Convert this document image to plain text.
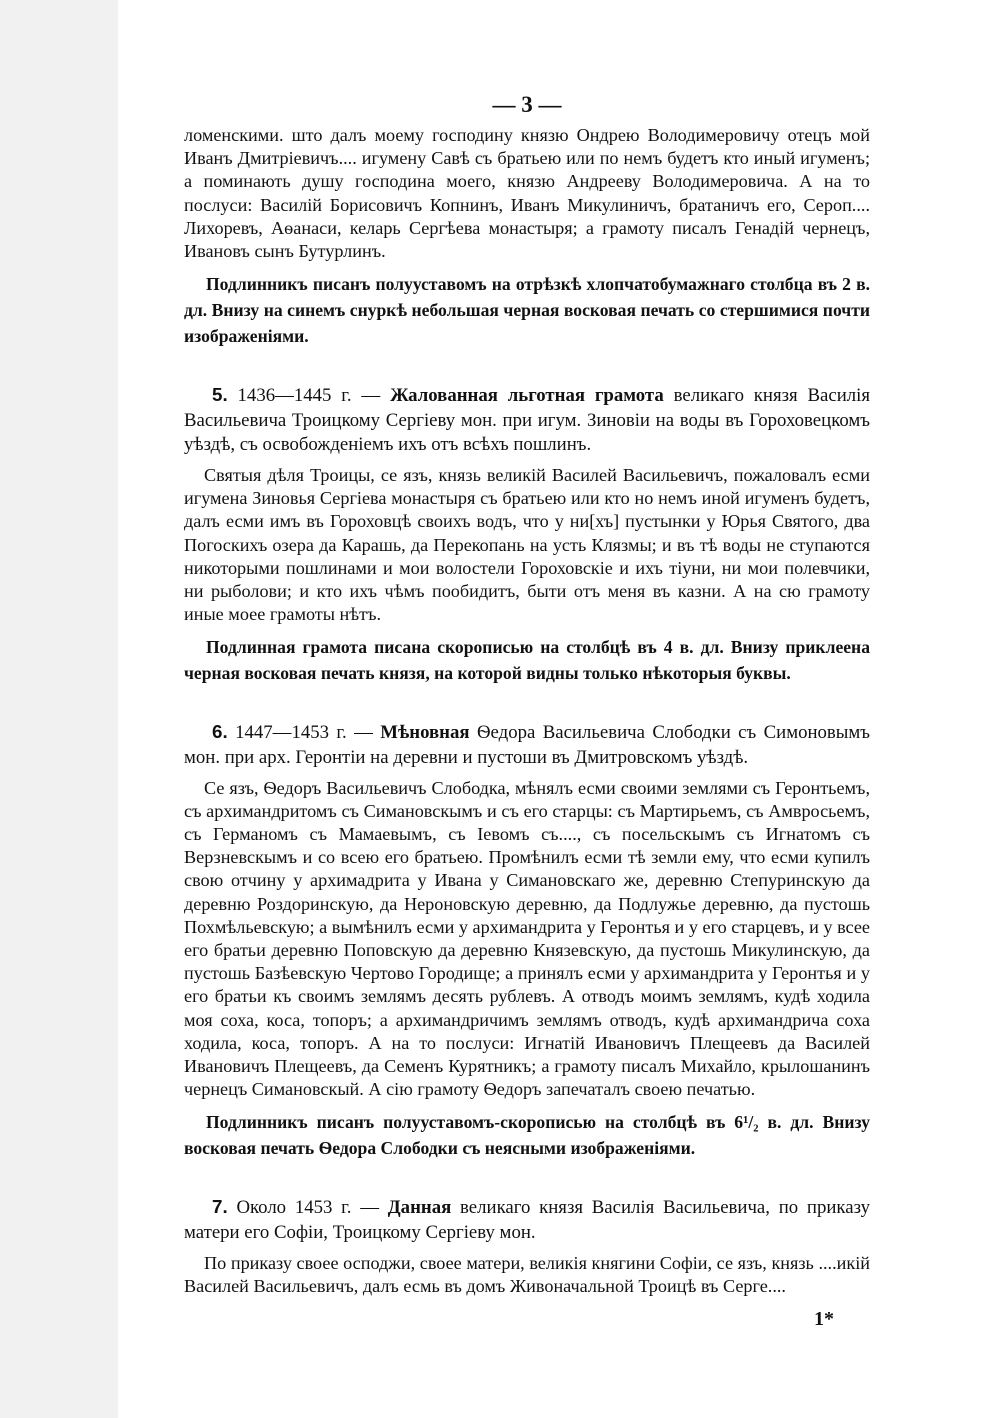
— 3 —

ломенскими. што далъ моему господину князю Ондрею Володимеровичу отецъ мой Иванъ Дмитріевичъ.... игумену Савѣ съ братьею или по немъ будетъ кто иный игуменъ; а поминають душу господина моего, князю Андрееву Володимеровича. А на то послуси: Василій Борисовичъ Копнинъ, Иванъ Микулиничъ, братаничъ его, Сероп.... Лихоревъ, Аѳанаси, келарь Сергѣева монастыря; а грамоту писалъ Генадій чернецъ, Ивановъ сынъ Бутурлинъ.

Подлинникъ писанъ полууставомъ на отрѣзкѣ хлопчатобумажнаго столбца въ 2 в. дл. Внизу на синемъ снуркѣ небольшая черная восковая печать со стершимися почти изображеніями.

5. 1436—1445 г. — Жалованная льготная грамота великаго князя Василія Васильевича Троицкому Сергіеву мон. при игум. Зиновіи на воды въ Гороховецкомъ уѣздѣ, съ освобожденіемъ ихъ отъ всѣхъ пошлинъ.

Святыя дѣля Троицы, се язъ, князь великій Василей Васильевичъ, пожаловалъ есми игумена Зиновья Сергіева монастыря съ братьею или кто но немъ иной игуменъ будетъ, далъ есми имъ въ Гороховцѣ своихъ водъ, что у ни[хъ] пустынки у Юрья Святого, два Погоскихъ озера да Карашь, да Перекопань на усть Клязмы; и въ тѣ воды не ступаются никоторыми пошлинами и мои волостели Гороховскіе и ихъ тіуни, ни мои полевчики, ни рыболови; и кто ихъ чѣмъ пообидитъ, быти отъ меня въ казни. А на сю грамоту иные моее грамоты нѣтъ.

Подлинная грамота писана скорописью на столбцѣ въ 4 в. дл. Внизу приклеена черная восковая печать князя, на которой видны только нѣкоторыя буквы.

6. 1447—1453 г. — Мѣновная Ѳедора Васильевича Слободки съ Симоновымъ мон. при арх. Геронтіи на деревни и пустоши въ Дмитровскомъ уѣздѣ.

Се язъ, Ѳедоръ Васильевичъ Слободка, мѣнялъ есми своими землями съ Геронтьемъ, съ архимандритомъ съ Симановскымъ и съ его старцы: съ Мартирьемъ, съ Амвросьемъ, съ Германомъ съ Мамаевымъ, съ Іевомъ съ...., съ посельскымъ съ Игнатомъ съ Верзневскымъ и со всею его братьею. Промѣнилъ есми тѣ земли ему, что есми купилъ свою отчину у архимадрита у Ивана у Симановскаго же, деревню Степуринскую да деревню Роздоринскую, да Нероновскую деревню, да Подлужье деревню, да пустошь Похмѣльевскую; а вымѣнилъ есми у архимандрита у Геронтья и у его старцевъ, и у всее его братьи деревню Поповскую да деревню Князевскую, да пустошь Микулинскую, да пустошь Базѣевскую Чертово Городище; а принялъ есми у архимандрита у Геронтья и у его братьи къ своимъ землямъ десять рублевъ. А отводъ моимъ землямъ, кудѣ ходила моя соха, коса, топоръ; а архимандричимъ землямъ отводъ, кудѣ архимандрича соха ходила, коса, топоръ. А на то послуси: Игнатій Ивановичъ Плещеевъ да Василей Ивановичъ Плещеевъ, да Семенъ Курятникъ; а грамоту писалъ Михайло, крылошанинъ чернецъ Симановскый. А сію грамоту Ѳедоръ запечаталъ своею печатью.

Подлинникъ писанъ полууставомъ-скорописью на столбцѣ въ 6¹/₂ в. дл. Внизу восковая печать Ѳедора Слободки съ неясными изображеніями.

7. Около 1453 г. — Данная великаго князя Василія Васильевича, по приказу матери его Софіи, Троицкому Сергіеву мон.

По приказу своее осподжи, своее матери, великія княгини Софіи, се язъ, князь ....икій Василей Васильевичъ, далъ есмь въ домъ Живоначальной Троицѣ въ Серге....

1*
